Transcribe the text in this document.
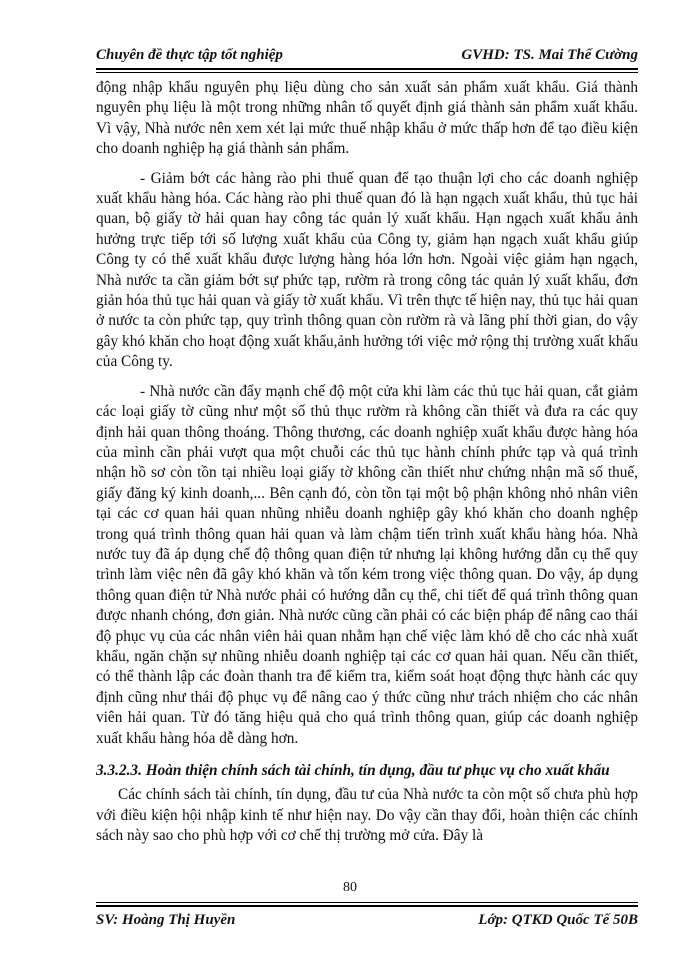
Chuyên đề thực tập tốt nghiệp	GVHD: TS. Mai Thế Cường

động nhập khẩu nguyên phụ liệu dùng cho sản xuất sản phẩm xuất khẩu. Giá thành nguyên phụ liệu là một trong những nhân tố quyết định giá thành sản phẩm xuất khẩu. Vì vậy, Nhà nước nên xem xét lại mức thuế nhập khẩu ở mức thấp hơn để tạo điều kiện cho doanh nghiệp hạ giá thành sản phẩm.

- Giảm bớt các hàng rào phi thuế quan để tạo thuận lợi cho các doanh nghiệp xuất khẩu hàng hóa. Các hàng rào phi thuế quan đó là hạn ngạch xuất khẩu, thủ tục hải quan, bộ giấy tờ hải quan hay công tác quản lý xuất khẩu. Hạn ngạch xuất khẩu ảnh hưởng trực tiếp tới số lượng xuất khẩu của Công ty, giảm hạn ngạch xuất khẩu giúp Công ty có thể xuất khẩu được lượng hàng hóa lớn hơn. Ngoài việc giảm hạn ngạch, Nhà nước ta cần giảm bớt sự phức tạp, rườm rà trong công tác quản lý xuất khẩu, đơn giản hóa thủ tục hải quan và giấy tờ xuất khẩu. Vì trên thực tế hiện nay, thủ tục hải quan ở nước ta còn phức tạp, quy trình thông quan còn rườm rà và lãng phí thời gian, do vậy gây khó khăn cho hoạt động xuất khẩu,ảnh hưởng tới việc mở rộng thị trường xuất khẩu của Công ty.

- Nhà nước cần đẩy mạnh chế độ một cửa khi làm các thủ tục hải quan, cắt giảm các loại giấy tờ cũng như một số thủ thục rườm rà không cần thiết và đưa ra các quy định hải quan thông thoáng. Thông thương, các doanh nghiệp xuất khẩu được hàng hóa của mình cần phải vượt qua một chuỗi các thủ tục hành chính phức tạp và quá trình nhận hồ sơ còn tồn tại nhiều loại giấy tờ không cần thiết như chứng nhận mã số thuế, giấy đăng ký kinh doanh,... Bên cạnh đó, còn tồn tại một bộ phận không nhỏ nhân viên tại các cơ quan hải quan nhũng nhiễu doanh nghiệp gây khó khăn cho doanh nghệp trong quá trình thông quan hải quan và làm chậm tiến trình xuất khẩu hàng hóa. Nhà nước tuy đã áp dụng chế độ thông quan điện tử nhưng lại không hướng dẫn cụ thể quy trình làm việc nên đã gây khó khăn và tốn kém trong việc thông quan. Do vậy, áp dụng thông quan điện tử Nhà nước phải có hướng dẫn cụ thể, chi tiết để quá trình thông quan được nhanh chóng, đơn giản. Nhà nước cũng cần phải có các biện pháp để nâng cao thái độ phục vụ của các nhân viên hải quan nhằm hạn chế việc làm khó dễ cho các nhà xuất khẩu, ngăn chặn sự nhũng nhiễu doanh nghiệp tại các cơ quan hải quan. Nếu cần thiết, có thể thành lập các đoàn thanh tra để kiểm tra, kiểm soát hoạt động thực hành các quy định cũng như thái độ phục vụ để nâng cao ý thức cũng như trách nhiệm cho các nhân viên hải quan. Từ đó tăng hiệu quả cho quá trình thông quan, giúp các doanh nghiệp xuất khẩu hàng hóa dễ dàng hơn.

3.3.2.3. Hoàn thiện chính sách tài chính, tín dụng, đầu tư phục vụ cho xuất khẩu

Các chính sách tài chính, tín dụng, đầu tư của Nhà nước ta còn một số chưa phù hợp với điều kiện hội nhập kinh tế như hiện nay. Do vậy cần thay đổi, hoàn thiện các chính sách này sao cho phù hợp với cơ chế thị trường mở cửa. Đây là

80
SV: Hoàng Thị Huyền	Lớp: QTKD Quốc Tế 50B
